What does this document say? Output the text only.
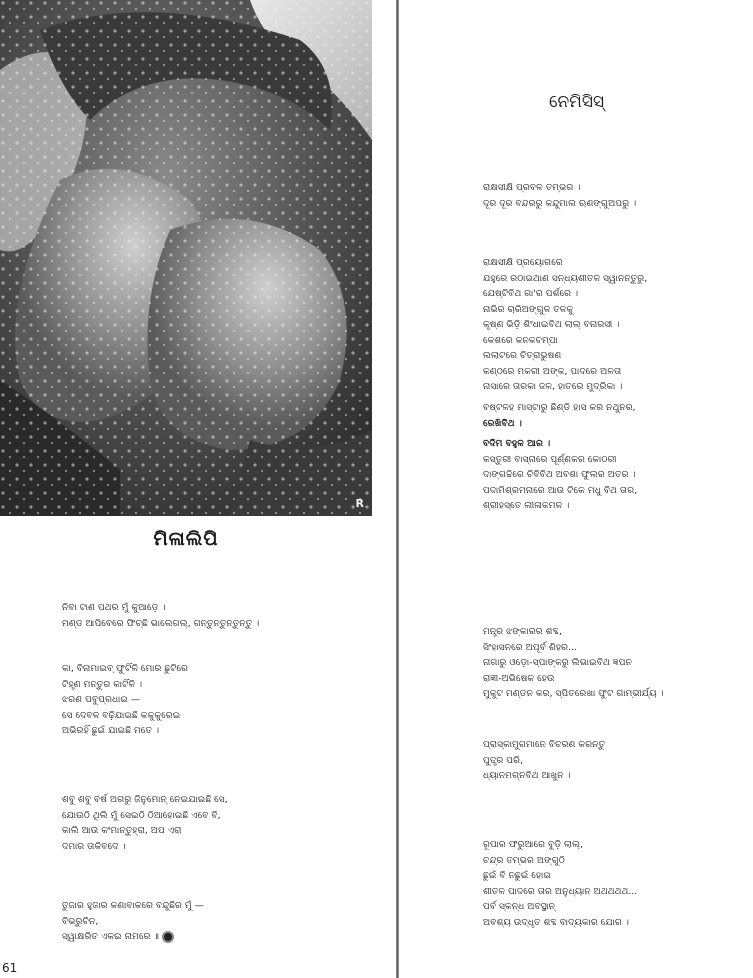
R
ମିଳାଲିପି
ନିବା ଟାଣ ପଥର ମୁଁ କୁଆଡ଼େ ।
ମଣ୍ଡ ଆପିବେରେ ଫିଚ୍ଛି ଭାଲେଗଲ୍, ଗନ୍ତୁନ୍ତୁନ୍ତୁନ୍ତୁ ।
କା, ବିନାମାଇବ୍ ଫୁଟିଁଳି ମୋର ଛୁଟିରେ
ଟିହୃଣ ମନ୍ତୁର କାଟିଁଳି ।
ଝରଣ ପବୁପ୍ରଧାଇ —
ସେ ଦେବଳ ବଢ଼ିଯାଇଛି କକୁକୁରେଇ
ଅଭିରହିଁ ଛୁଇଁ ଯାଇଛି ମତେ ।
ଶବୁ ଶବୁ ବର୍ଷ ଅଗରୁ ଜିନୁମୋନ୍ ନେଇଯାଇଛି ସେ,
ଯୋଉଠି ଥିଲି ମୁଁ ସେଇଠି ଠିଆହୋଇଛି ଏବେ ବି,
କାଲି ଆଉ କଂମାନ୍ତୁହ୍ରା, ଅପ ଏରା
ଦମାର ତାକିବଦେ ।
ତୁଜାର ହୁଜାର କଣାବାକରେ ବନ୍ଦୁଛିର ମୁଁ —
ବିଭ୍ରୁଚିନ,
ସ୍ୱାକ୍ଷରିତ ଏକଇ ନାମରେ ॥
61
ନେମିସିସ୍
ରାକ୍ଷସୀକ୍ଷି ପ୍ରବଳ ତମ୍ଭର ।
ଦୂର ଦୂର ବନ୍ଦରରୁ କନ୍ଦୁମାଲ ଋଣଙ୍ଗୁଅପରୁ ।
ରାକ୍ଷସୀକ୍ଷି ପ୍ରୟୋଗରେ
ଯହୁରେ ରଠାଇଥାଣ ସନ୍ଧ୍ୟଶୀତଳ ସ୍ୱାନନ୍ତୁରୁ,
ଯେଷ୍ଟିବିଥ ଗା'ର ପର୍ଶରେ ।
ନାଭିର ଚାରିଅଙ୍ଗୁଳ ତଳକୁ
କୃଷ୍ଣ ଭିଡ଼ି ଶିଂଧାଇବିଥ ଲାଲ୍ ବନାରସୀ ।
କେଶରେ କନକଚମ୍ପା
ଲଲାଟରେ ଚିତ୍ରାଭୁଷଣ
କଣ୍ଠରେ ମକରୀ ଅଙ୍କ, ପାଦରେ ଅଳତା
ନାସାରେ ତାରକା ଜଳ, ହାତରେ ମୁଦ୍ରିକା ।
ବଷ୍ଟଳହ ମାସ୍ଟାରୁ ଛିଣ୍ଡି ହାସ କର ନଥୁନର,
ରେଖିବିଥ ।
ବଦିମ ବହୁଳ ଆର ।
କସ୍ତୁରୀ ବାସ୍ନାରେ ପୂର୍ଣ୍ଣକର କୋଠରୀ
ଦାଙ୍ଗଚ୍ଚିରେ ଚିବିବିଥ ଅବଶା ଫୁଲର ଅତର ।
ପଦାମିଶ୍ରମନାରେ ଆଉ ଟିକେ ମଧୁ ବିଥ ତାର,
ଶ୍ରୀହସ୍ତେ ଲୀଳାକମଳ ।
ମନ୍ତ୍ର ଝଙ୍କାରର ଶବ୍ଦ,
ସିଂହାସନରେ ଅପୂର୍ବ ଶିହର...
ନାଗାରୁ ଓଡ଼ୋ-ସ୍ପାଙ୍କରୁ ଲିଭାଇବିଥ ଜ୍ଞପନ
ରାଜ୍ଞୀ-ଅଭିଷେକ ହେଉ
ମୁକୁଟ ମଣ୍ଡନ କର, ସ୍ପିତରେଖା ଫୁଟ ଗାମ୍ଭୀର୍ଯ୍ୟ ।
ପ୍ରାସ୍କାମୁଗମାନେ ବିଚରଣ କରନ୍ତୁ
ପୁତ୍ତ୍ର ପରି,
ଧ୍ୟାନମଗ୍ନବିଥ ଆଖୁନ ।
ରୂପାର ଫରୁଆରେ ବୁଡ଼ି ଲାଲ୍,
ଚନ୍ଦ୍ର ତମ୍ଭର ଅଙ୍ଗୁଠି
ଛୁଇଁ ବି ନଛୁଇଁ ହୋଇ
ଶୀତଳ ପାଦରେ ତାର ଅନୁଧ୍ୟାନ ଅଥଥଥଥ...
ପର୍ବ ସ୍କନ୍ଧ ଅବସ୍ଥାନ୍
ଅବଶ୍ୟ ଉଦ୍ଧୃତ ଶବ୍ଦ ବାଦ୍ୟକାର ଯୋଗ ।
